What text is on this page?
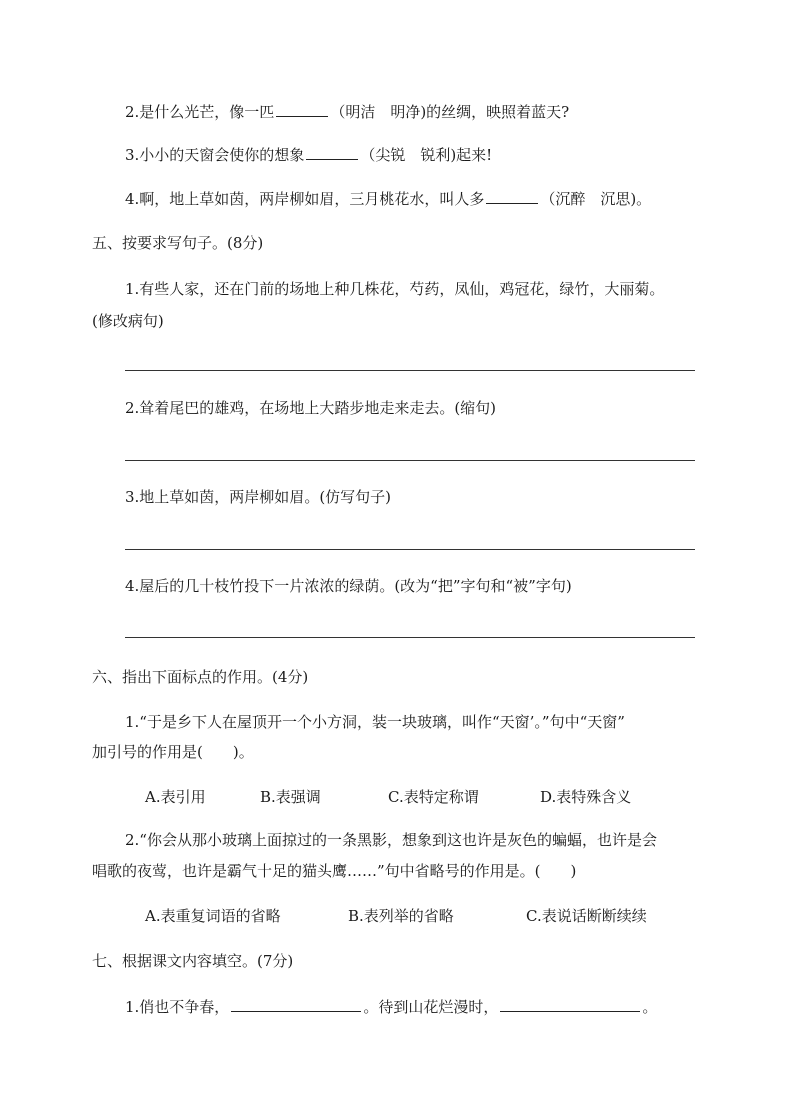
2.是什么光芒，像一匹	（明洁　明净)的丝绸，映照着蓝天?
3.小小的天窗会使你的想象	（尖锐　锐利)起来!
4.啊，地上草如茵，两岸柳如眉，三月桃花水，叫人多	（沉醉　沉思)。
五、按要求写句子。(8分)
1.有些人家，还在门前的场地上种几株花，芍药，凤仙，鸡冠花，绿竹，大丽菊。
(修改病句)
2.耸着尾巴的雄鸡，在场地上大踏步地走来走去。(缩句)
3.地上草如茵，两岸柳如眉。(仿写句子)
4.屋后的几十枝竹投下一片浓浓的绿荫。(改为“把”字句和“被”字句)
六、指出下面标点的作用。(4分)
1.“于是乡下人在屋顶开一个小方洞，装一块玻璃，叫作“天窗’。”句中“天窗”
加引号的作用是(　　)。
A.表引用	B.表强调	C.表特定称谓	D.表特殊含义
2.“你会从那小玻璃上面掠过的一条黑影，想象到这也许是灰色的蝙蝠，也许是会
唱歌的夜莺，也许是霸气十足的猫头鹰……”句中省略号的作用是。(　　)
A.表重复词语的省略	B.表列举的省略	C.表说话断断续续
七、根据课文内容填空。(7分)
1.俏也不争春，	。待到山花烂漫时，	。
